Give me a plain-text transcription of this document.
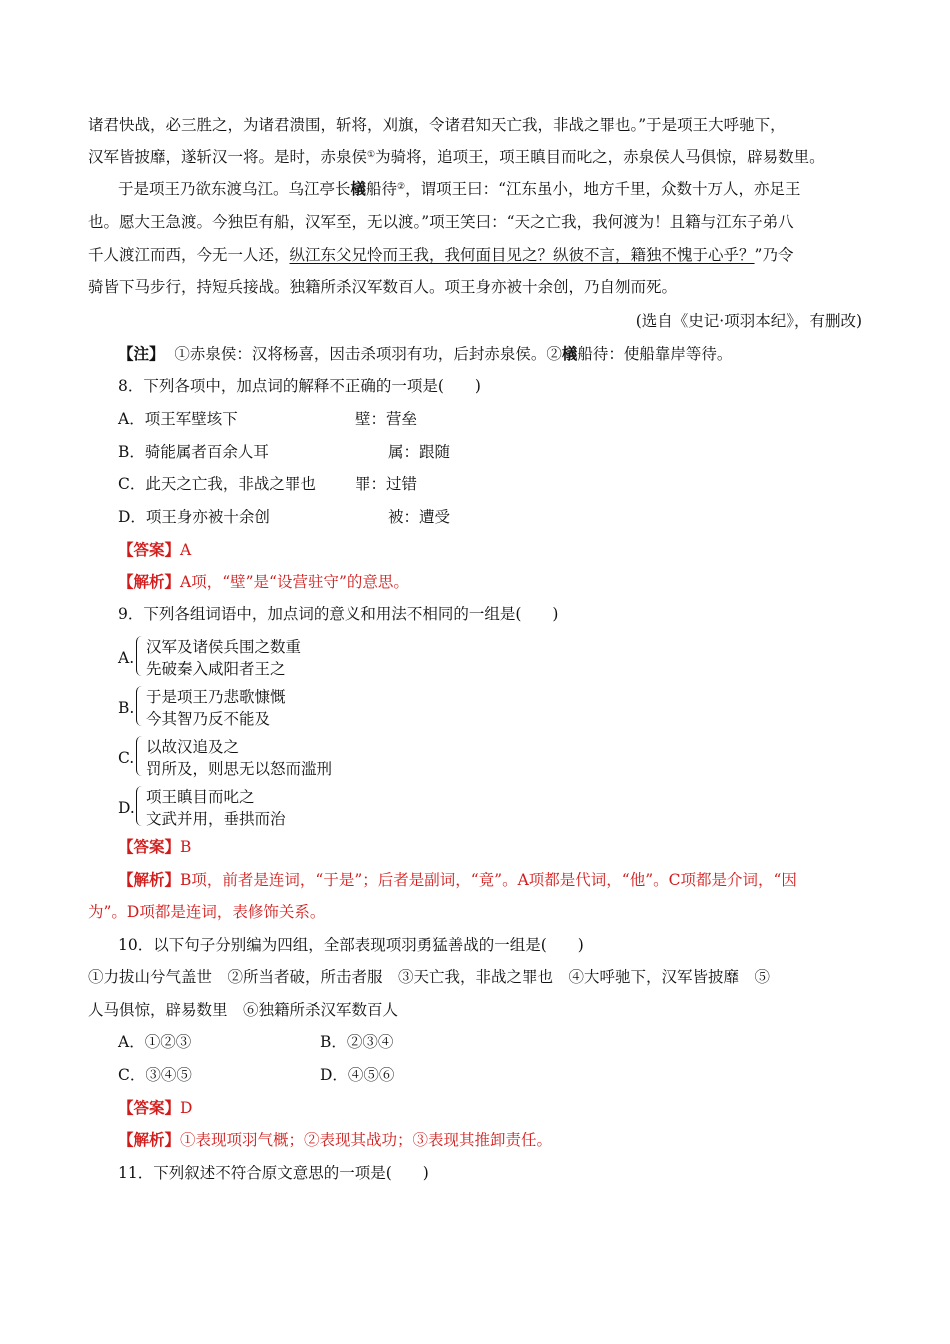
诸君快战，必三胜之，为诸君溃围，斩将，刈旗，令诸君知天亡我，非战之罪也。”于是项王大呼驰下，
汉军皆披靡，遂斩汉一将。是时，赤泉侯①为骑将，追项王，项王瞋目而叱之，赤泉侯人马俱惊，辟易数里。
于是项王乃欲东渡乌江。乌江亭长檥船待②，谓项王曰：“江东虽小，地方千里，众数十万人，亦足王
也。愿大王急渡。今独臣有船，汉军至，无以渡。”项王笑曰：“天之亡我，我何渡为！且籍与江东子弟八
千人渡江而西，今无一人还，纵江东父兄怜而王我，我何面目见之？纵彼不言，籍独不愧于心乎？”乃令
骑皆下马步行，持短兵接战。独籍所杀汉军数百人。项王身亦被十余创，乃自刎而死。
(选自《史记·项羽本纪》，有删改)
【注】  ①赤泉侯：汉将杨喜，因击杀项羽有功，后封赤泉侯。②檥船待：使船靠岸等待。
8．下列各项中，加点词的解释不正确的一项是(　　)
A．项王军壁垓下	壁：营垒
B．骑能属者百余人耳	属：跟随
C．此天之亡我，非战之罪也	罪：过错
D．项王身亦被十余创	被：遭受
【答案】A
【解析】A项，“壁”是“设营驻守”的意思。
9．下列各组词语中，加点词的意义和用法不相同的一组是(　　)
A.
汉军及诸侯兵围之数重
先破秦入咸阳者王之
B.
于是项王乃悲歌慷慨
今其智乃反不能及
C.
以故汉追及之
罚所及，则思无以怒而滥刑
D.
项王瞋目而叱之
文武并用，垂拱而治
【答案】B
【解析】B项，前者是连词，“于是”；后者是副词，“竟”。A项都是代词，“他”。C项都是介词，“因
为”。D项都是连词，表修饰关系。
10．以下句子分别编为四组，全部表现项羽勇猛善战的一组是(　　)
①力拔山兮气盖世　②所当者破，所击者服　③天亡我，非战之罪也　④大呼驰下，汉军皆披靡　⑤
人马俱惊，辟易数里　⑥独籍所杀汉军数百人
A．①②③	B．②③④
C．③④⑤	D．④⑤⑥
【答案】D
【解析】①表现项羽气概；②表现其战功；③表现其推卸责任。
11．下列叙述不符合原文意思的一项是(　　)
